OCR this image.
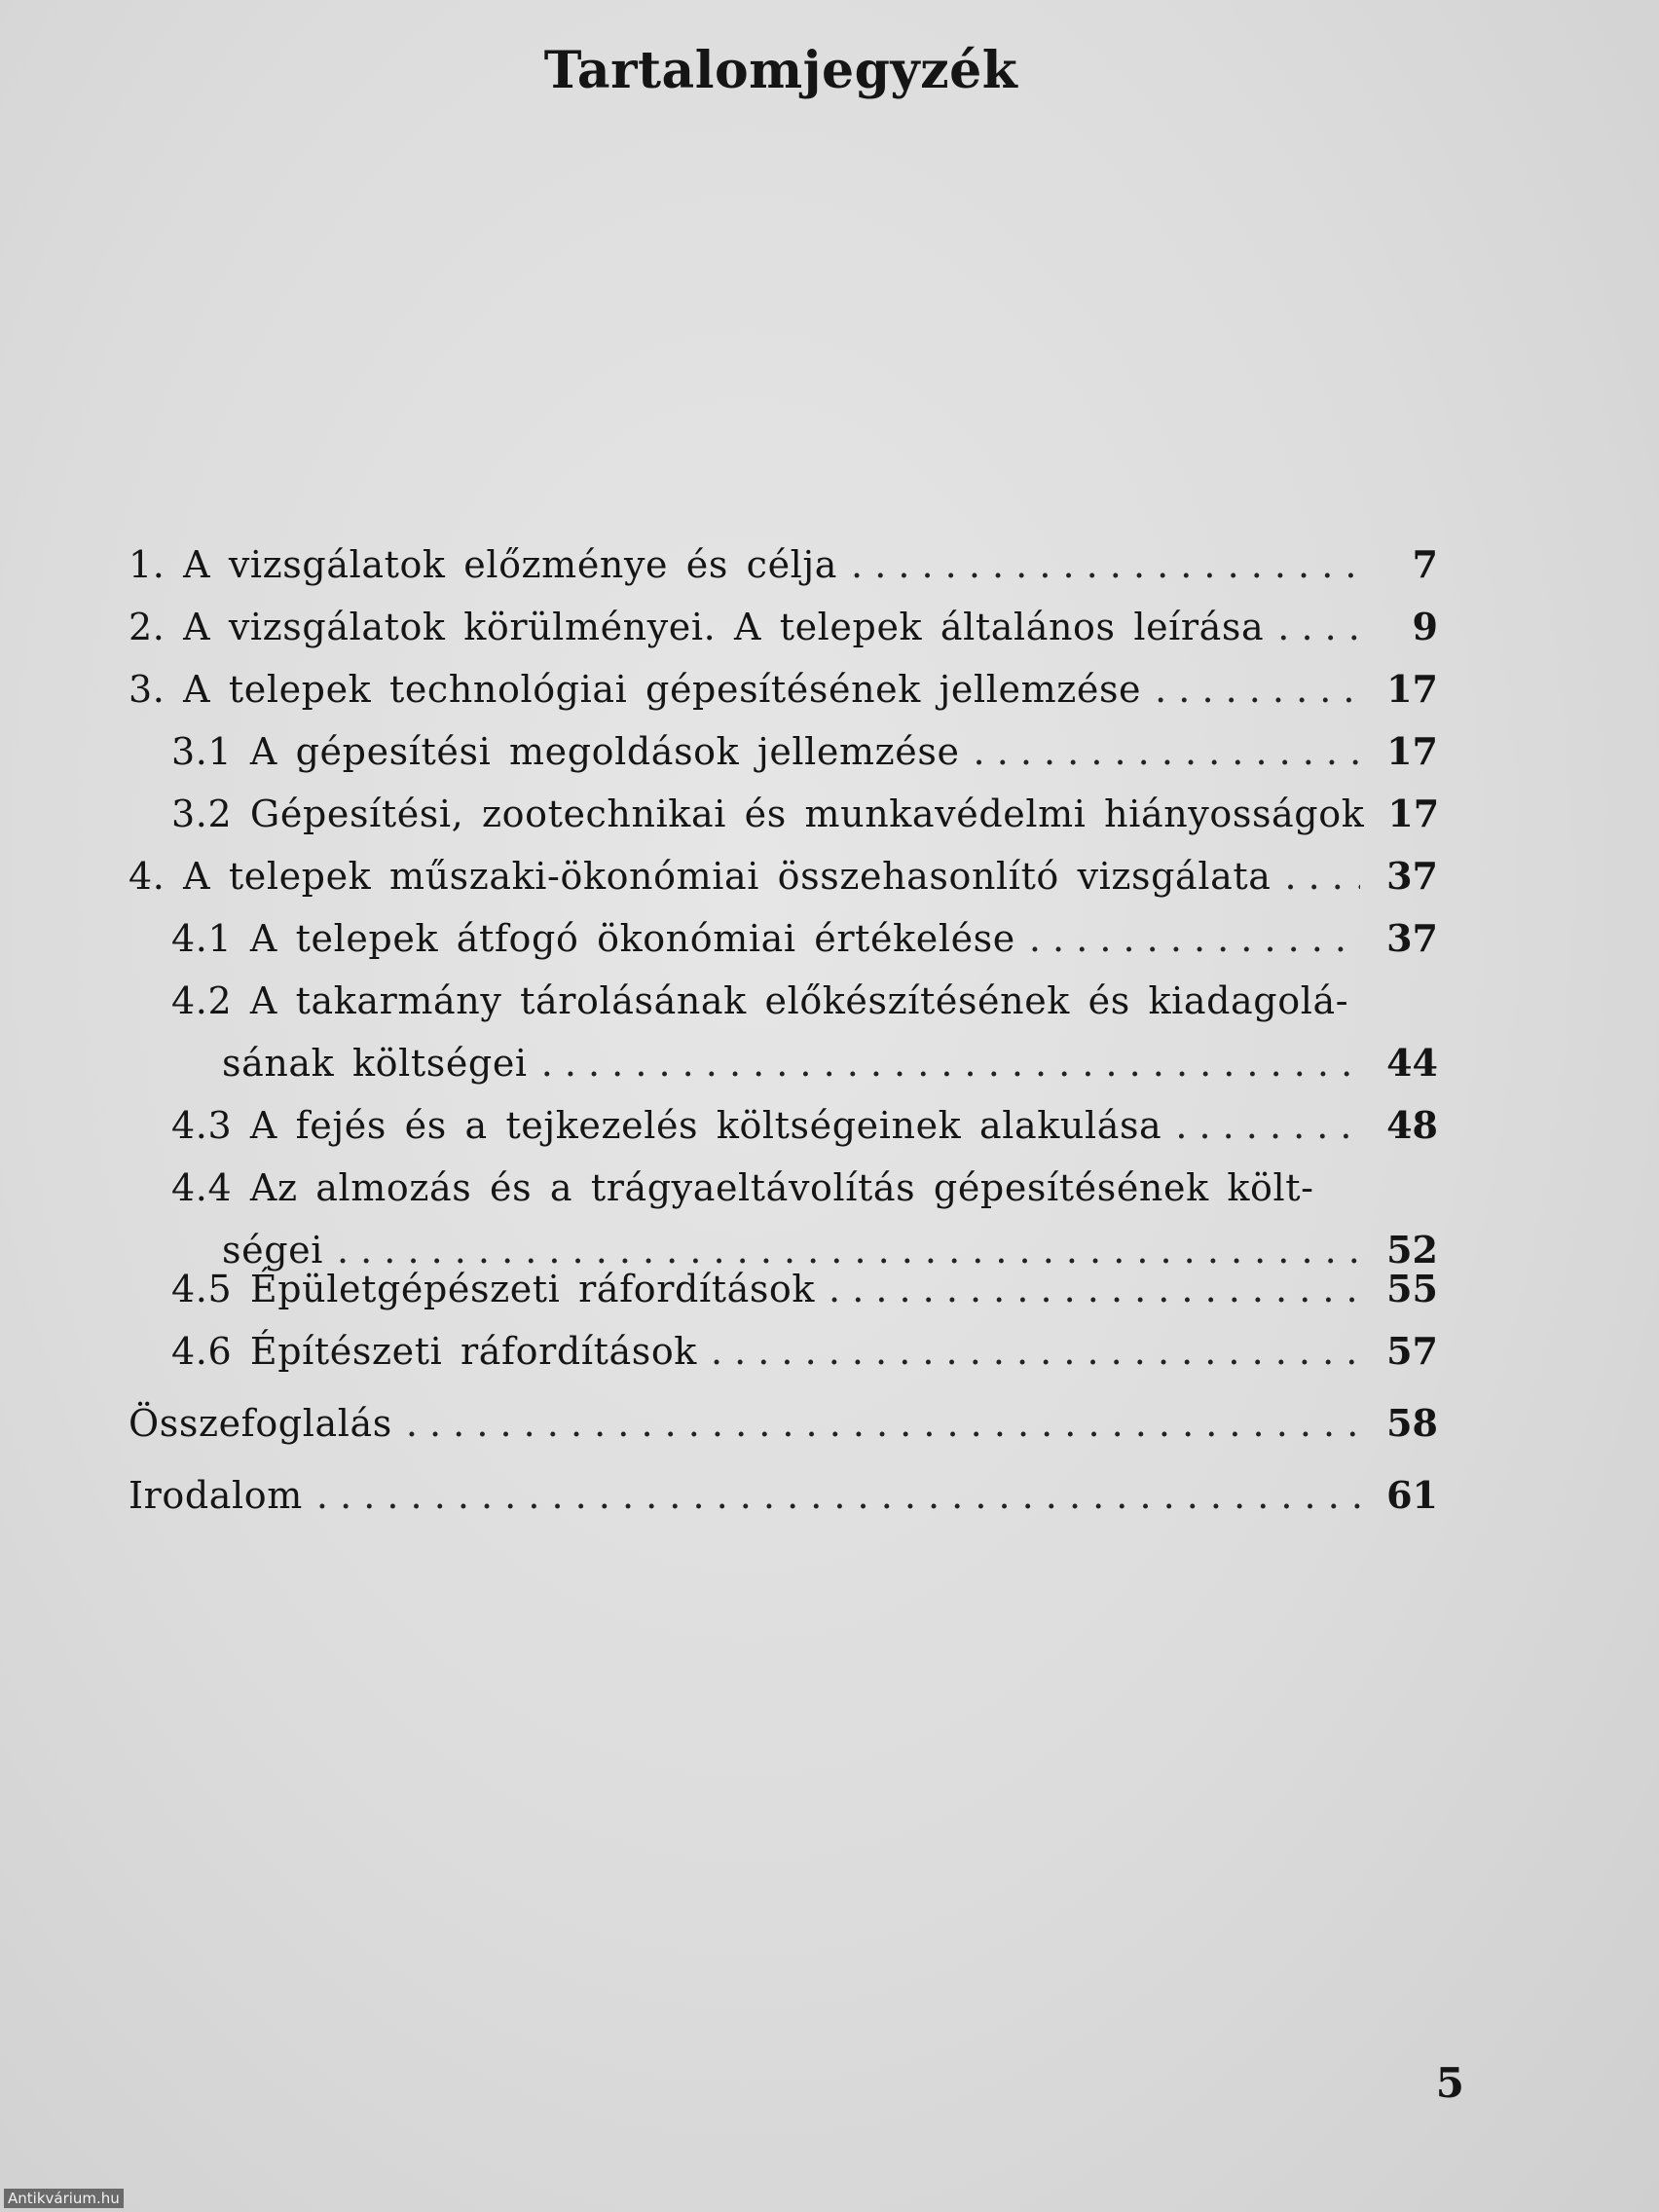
Tartalomjegyzék
1. A vizsgálatok előzménye és célja . . .	7
2. A vizsgálatok körülményei. A telepek általános leírása . . .	9
3. A telepek technológiai gépesítésének jellemzése . . .	17
3.1 A gépesítési megoldások jellemzése . . .	17
3.2 Gépesítési, zootechnikai és munkavédelmi hiányosságok 17
4. A telepek műszaki-ökonómiai összehasonlító vizsgálata . . .	37
4.1 A telepek átfogó ökonómiai értékelése . . .	37
4.2 A takarmány tárolásának előkészítésének és kiadagolá-
sának költségei . . .	44
4.3 A fejés és a tejkezelés költségeinek alakulása . . .	48
4.4 Az almozás és a trágyaeltávolítás gépesítésének költ-
ségei . . .	52
4.5 Épületgépészeti ráfordítások . . .	55
4.6 Építészeti ráfordítások . . .	57
Összefoglalás . . .	58
Irodalom . . .	61
5
Antikvárium.hu
